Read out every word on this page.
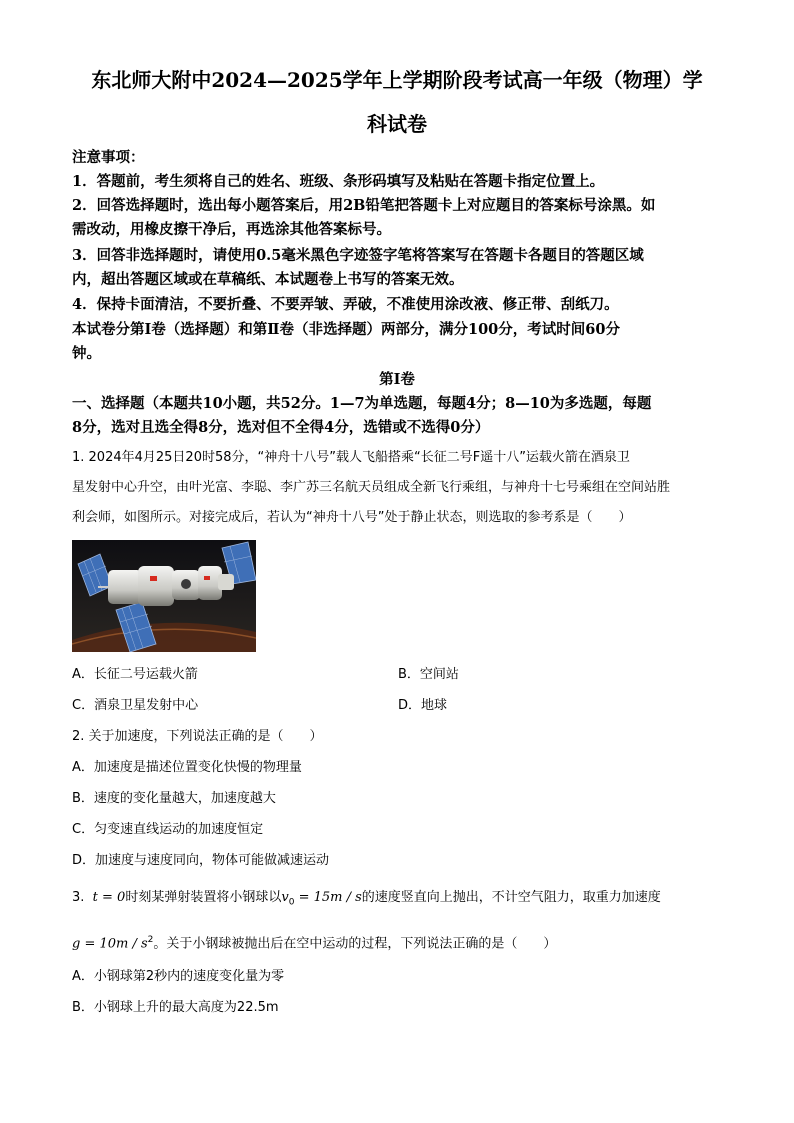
东北师大附中2024—2025学年上学期阶段考试高一年级（物理）学
科试卷
注意事项：
1．答题前，考生须将自己的姓名、班级、条形码填写及粘贴在答题卡指定位置上。
2．回答选择题时，选出每小题答案后，用2B铅笔把答题卡上对应题目的答案标号涂黑。如
需改动，用橡皮擦干净后，再选涂其他答案标号。
3．回答非选择题时，请使用0.5毫米黑色字迹签字笔将答案写在答题卡各题目的答题区域
内，超出答题区域或在草稿纸、本试题卷上书写的答案无效。
4．保持卡面清洁，不要折叠、不要弄皱、弄破，不准使用涂改液、修正带、刮纸刀。
本试卷分第Ⅰ卷（选择题）和第Ⅱ卷（非选择题）两部分，满分100分，考试时间60分
钟。
第Ⅰ卷
一、选择题（本题共10小题，共52分。1—7为单选题，每题4分；8—10为多选题，每题
8分，选对且选全得8分，选对但不全得4分，选错或不选得0分）
1. 2024年4月25日20时58分，“神舟十八号”载人飞船搭乘“长征二号F遥十八”运载火箭在酒泉卫
星发射中心升空，由叶光富、李聪、李广苏三名航天员组成全新飞行乘组，与神舟十七号乘组在空间站胜
利会师，如图所示。对接完成后，若认为“神舟十八号”处于静止状态，则选取的参考系是（　　）
A．长征二号运载火箭	B．空间站
C．酒泉卫星发射中心	D．地球
2. 关于加速度，下列说法正确的是（　　）
A．加速度是描述位置变化快慢的物理量
B．速度的变化量越大，加速度越大
C．匀变速直线运动的加速度恒定
D．加速度与速度同向，物体可能做减速运动
3. t = 0时刻某弹射装置将小钢球以$v_0 = 15m / s$的速度竖直向上抛出，不计空气阻力，取重力加速度
$g = 10m / s^2$。关于小钢球被抛出后在空中运动的过程，下列说法正确的是（　　）
A．小钢球第2秒内的速度变化量为零
B．小钢球上升的最大高度为22.5m
